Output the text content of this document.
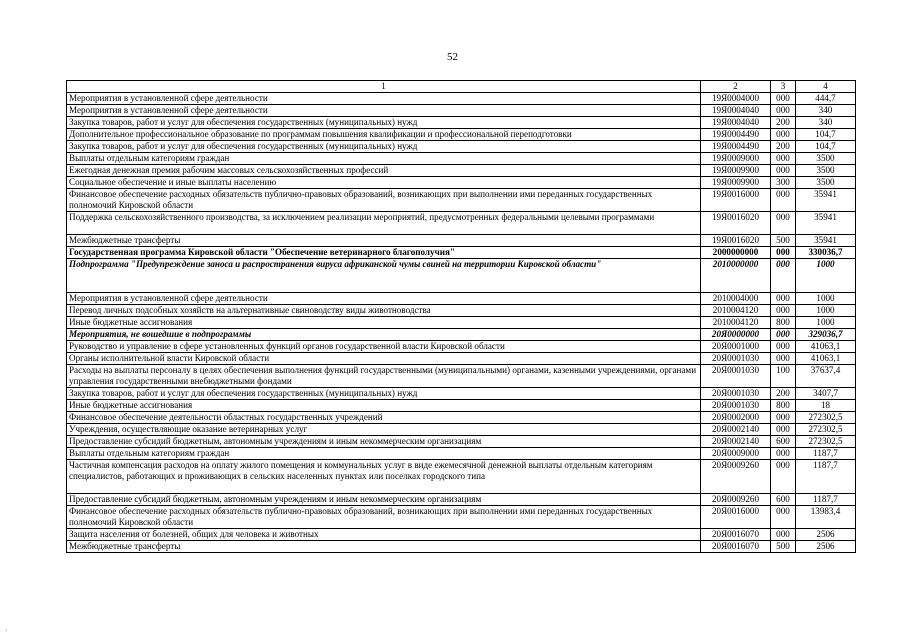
52
1	2	3	4
Мероприятия в установленной сфере деятельности	19Я0004000	000	444,7
Мероприятия в установленной сфере деятельности	19Я0004040	000	340
Закупка товаров, работ и услуг для обеспечения государственных (муниципальных) нужд	19Я0004040	200	340
Дополнительное профессиональное образование по программам повышения квалификации и профессиональной переподготовки	19Я0004490	000	104,7
Закупка товаров, работ и услуг для обеспечения государственных (муниципальных) нужд	19Я0004490	200	104,7
Выплаты отдельным категориям граждан	19Я0009000	000	3500
Ежегодная денежная премия рабочим массовых сельскохозяйственных профессий	19Я0009900	000	3500
Социальное обеспечение и иные выплаты населению	19Я0009900	300	3500
Финансовое обеспечение расходных обязательств публично-правовых образований, возникающих при выполнении ими переданных государственных полномочий Кировской области	19Я0016000	000	35941
Поддержка сельскохозяйственного производства, за исключением реализации мероприятий, предусмотренных федеральными целевыми программами	19Я0016020	000	35941
Межбюджетные трансферты	19Я0016020	500	35941
Государственная программа Кировской области "Обеспечение ветеринарного благополучия"	2000000000	000	330036,7
Подпрограмма "Предупреждение заноса и распространения вируса африканской чумы свиней на территории Кировской области"	2010000000	000	1000
Мероприятия в установленной сфере деятельности	2010004000	000	1000
Перевод личных подсобных хозяйств на альтернативные свиноводству виды животноводства	2010004120	000	1000
Иные бюджетные ассигнования	2010004120	800	1000
Мероприятия, не вошедшие в подпрограммы	20Я0000000	000	329036,7
Руководство и управление в сфере установленных функций органов государственной власти Кировской области	20Я0001000	000	41063,1
Органы исполнительной власти Кировской области	20Я0001030	000	41063,1
Расходы на выплаты персоналу в целях обеспечения выполнения функций государственными (муниципальными) органами, казенными учреждениями, органами управления государственными внебюджетными фондами	20Я0001030	100	37637,4
Закупка товаров, работ и услуг для обеспечения государственных (муниципальных) нужд	20Я0001030	200	3407,7
Иные бюджетные ассигнования	20Я0001030	800	18
Финансовое обеспечение деятельности областных государственных учреждений	20Я0002000	000	272302,5
Учреждения, осуществляющие оказание ветеринарных услуг	20Я0002140	000	272302,5
Предоставление субсидий бюджетным, автономным учреждениям и иным некоммерческим организациям	20Я0002140	600	272302,5
Выплаты отдельным категориям граждан	20Я0009000	000	1187,7
Частичная компенсация расходов на оплату жилого помещения и коммунальных услуг в виде ежемесячной денежной выплаты отдельным категориям специалистов, работающих и проживающих в сельских населенных пунктах или поселках городского типа	20Я0009260	000	1187,7
Предоставление субсидий бюджетным, автономным учреждениям и иным некоммерческим организациям	20Я0009260	600	1187,7
Финансовое обеспечение расходных обязательств публично-правовых образований, возникающих при выполнении ими переданных государственных полномочий Кировской области	20Я0016000	000	13983,4
Защита населения от болезней, общих для человека и животных	20Я0016070	000	2506
Межбюджетные трансферты	20Я0016070	500	2506
·
